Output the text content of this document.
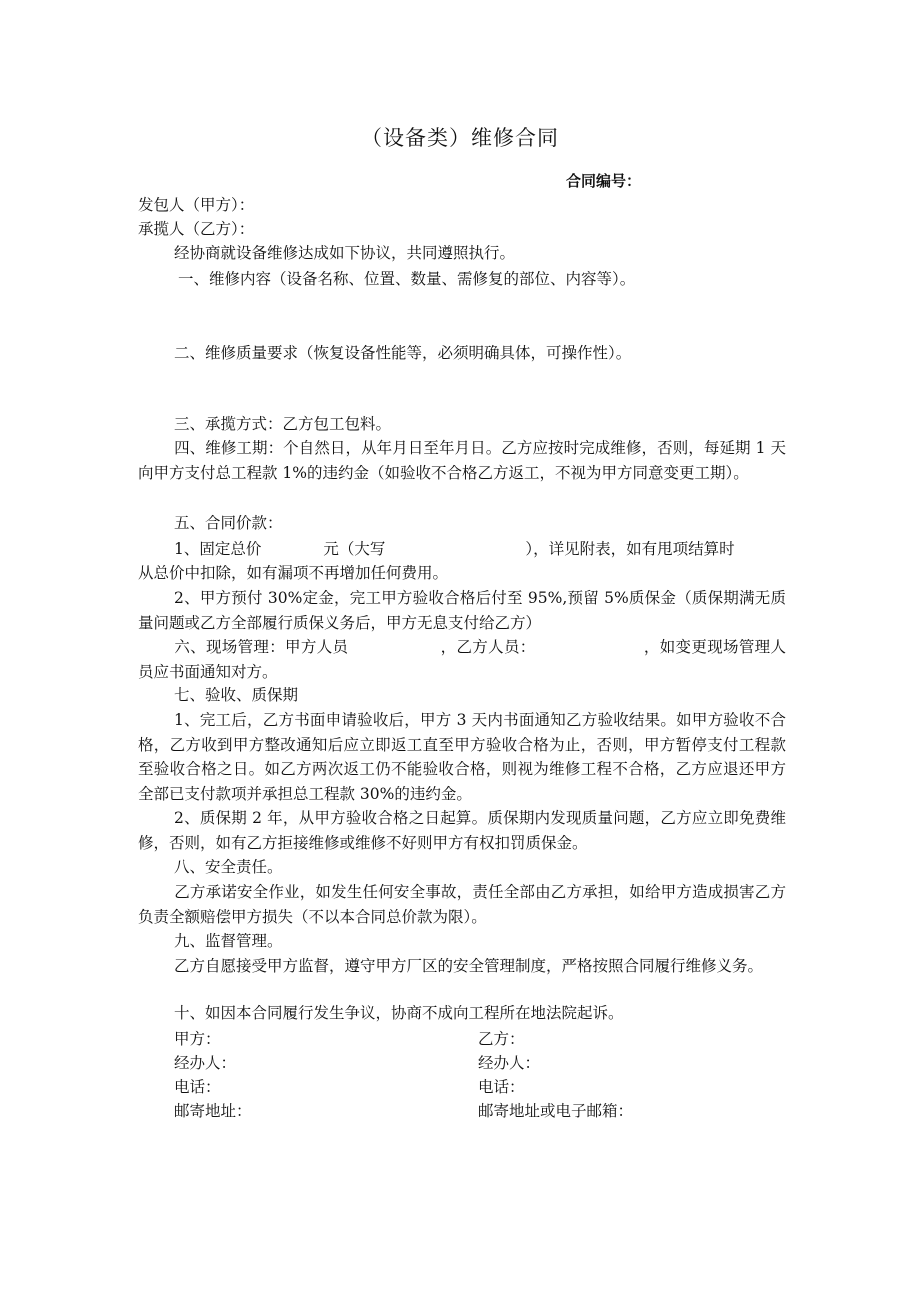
（设备类）维修合同
合同编号：
发包人（甲方）：
承揽人（乙方）：
经协商就设备维修达成如下协议，共同遵照执行。
一、维修内容（设备名称、位置、数量、需修复的部位、内容等）。
二、维修质量要求（恢复设备性能等，必须明确具体，可操作性）。
三、承揽方式：乙方包工包料。
四、维修工期：个自然日，从年月日至年月日。乙方应按时完成维修，否则，每延期 1 天向甲方支付总工程款 1%的违约金（如验收不合格乙方返工，不视为甲方同意变更工期）。
五、合同价款：
1、固定总价	元（大写	），详见附表，如有甩项结算时
从总价中扣除，如有漏项不再增加任何费用。
2、甲方预付 30%定金，完工甲方验收合格后付至 95%,预留 5%质保金（质保期满无质量问题或乙方全部履行质保义务后，甲方无息支付给乙方）
六、现场管理：甲方人员	，乙方人员：	，如变更现场管理人员应书面通知对方。
七、验收、质保期
1、完工后，乙方书面申请验收后，甲方 3 天内书面通知乙方验收结果。如甲方验收不合格，乙方收到甲方整改通知后应立即返工直至甲方验收合格为止，否则，甲方暂停支付工程款至验收合格之日。如乙方两次返工仍不能验收合格，则视为维修工程不合格，乙方应退还甲方全部已支付款项并承担总工程款 30%的违约金。
2、质保期 2 年，从甲方验收合格之日起算。质保期内发现质量问题，乙方应立即免费维修，否则，如有乙方拒接维修或维修不好则甲方有权扣罚质保金。
八、安全责任。
乙方承诺安全作业，如发生任何安全事故，责任全部由乙方承担，如给甲方造成损害乙方负责全额赔偿甲方损失（不以本合同总价款为限）。
九、监督管理。
乙方自愿接受甲方监督，遵守甲方厂区的安全管理制度，严格按照合同履行维修义务。
十、如因本合同履行发生争议，协商不成向工程所在地法院起诉。
甲方：	乙方：
经办人：	经办人：
电话：	电话：
邮寄地址：	邮寄地址或电子邮箱：
